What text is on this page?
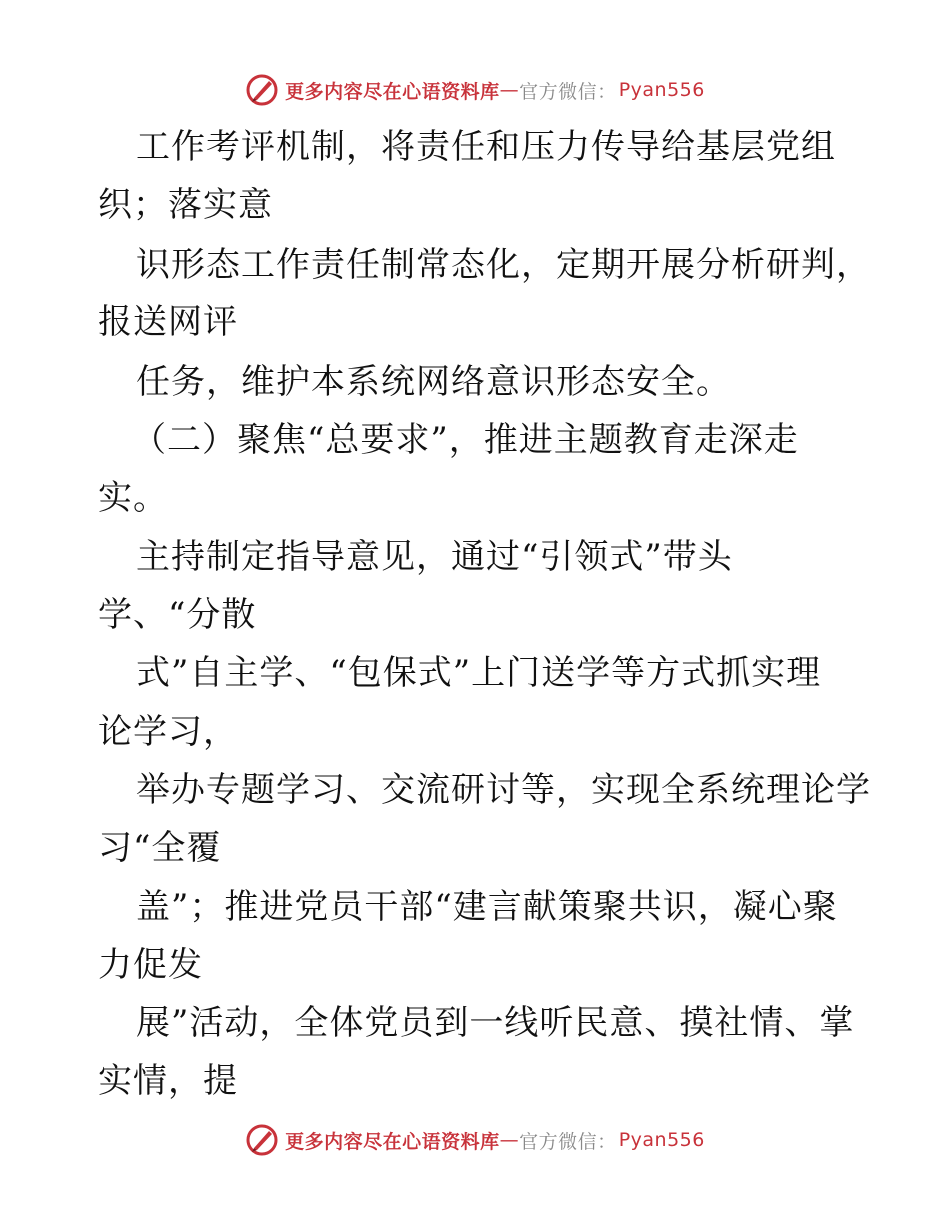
更多内容尽在心语资料库 — 官方微信： Pyan556
工作考评机制，将责任和压力传导给基层党组
织；落实意
识形态工作责任制常态化，定期开展分析研判，
报送网评
任务，维护本系统网络意识形态安全。
（二）聚焦“总要求”，推进主题教育走深走
实。
主持制定指导意见，通过“引领式”带头
学、“分散
式”自主学、“包保式”上门送学等方式抓实理
论学习，
举办专题学习、交流研讨等，实现全系统理论学
习“全覆
盖”；推进党员干部“建言献策聚共识，凝心聚
力促发
展”活动，全体党员到一线听民意、摸社情、掌
实情，提
更多内容尽在心语资料库 — 官方微信： Pyan556
